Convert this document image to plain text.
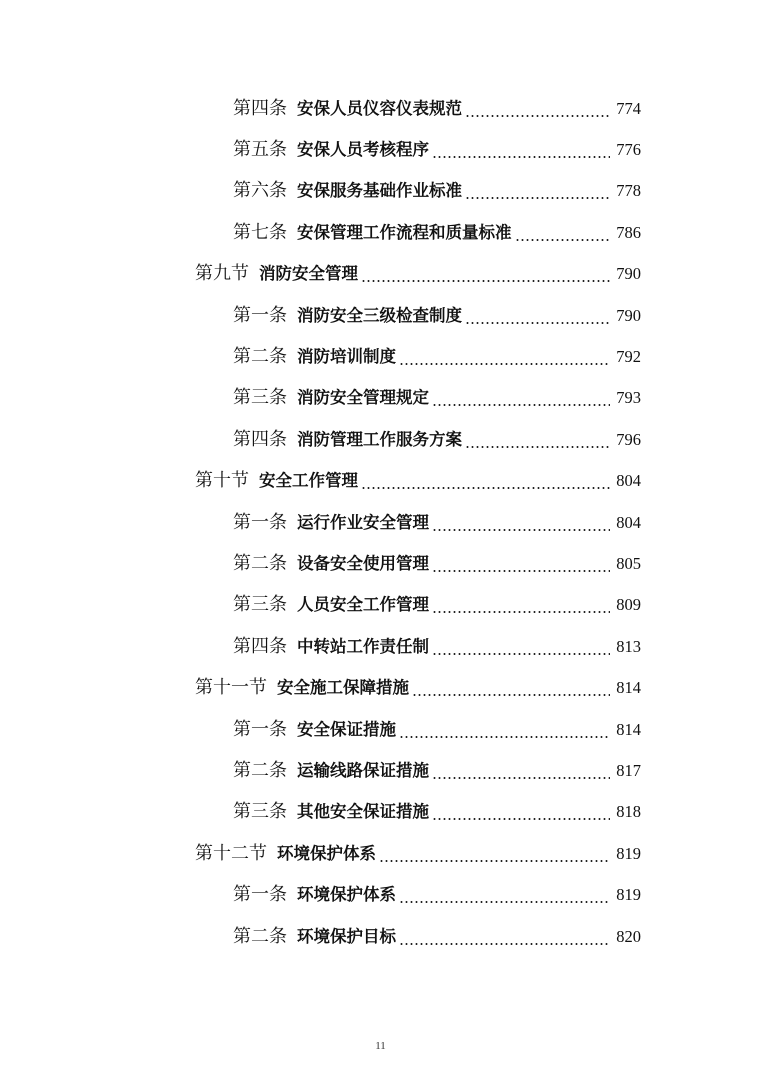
第四条 安保人员仪容仪表规范	774
第五条 安保人员考核程序	776
第六条 安保服务基础作业标准	778
第七条 安保管理工作流程和质量标准	786
第九节 消防安全管理	790
第一条 消防安全三级检查制度	790
第二条 消防培训制度	792
第三条 消防安全管理规定	793
第四条 消防管理工作服务方案	796
第十节 安全工作管理	804
第一条 运行作业安全管理	804
第二条 设备安全使用管理	805
第三条 人员安全工作管理	809
第四条 中转站工作责任制	813
第十一节 安全施工保障措施	814
第一条 安全保证措施	814
第二条 运输线路保证措施	817
第三条 其他安全保证措施	818
第十二节 环境保护体系	819
第一条 环境保护体系	819
第二条 环境保护目标	820
11
